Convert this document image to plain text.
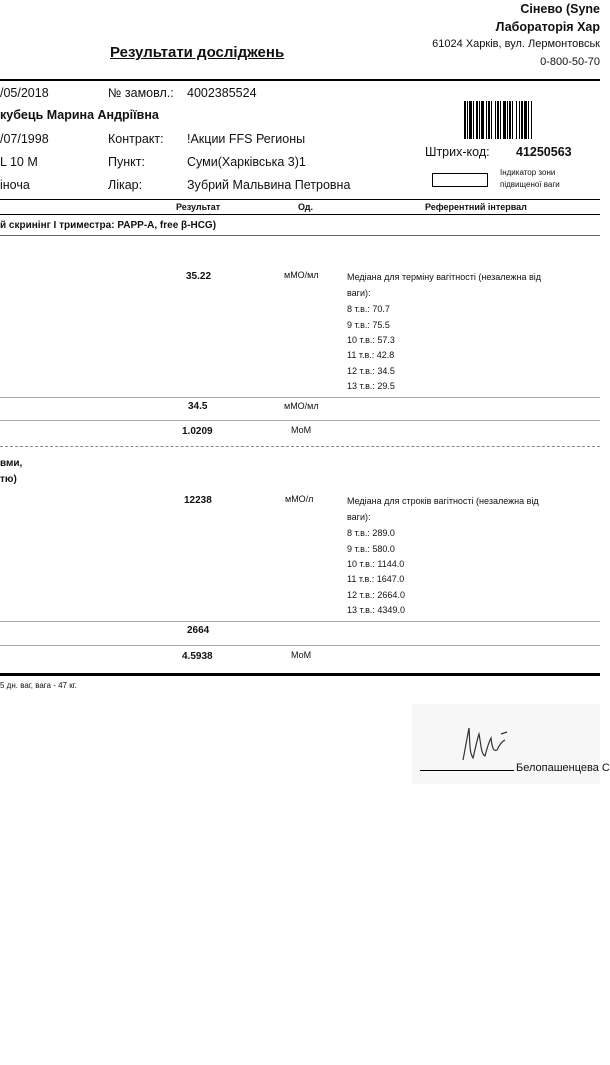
Сінево (Syne
Лабораторія Хар
61024 Харків, вул. Лермонтовськ
0-800-50-70
Результати досліджень
/05/2018	№ замовл.: 4002385524
кубець Марина Андріївна
/07/1998	Контракт: !Акции FFS Регионы
L 10 M	Пункт:	Суми(Харківська 3)1
іноча	Лікар:	Зубрий Мальвина Петровна
Штрих-код: 41250563
Індикатор зони
підвищеної ваги
Результат	Од.	Референтний інтервал
й скринінг І триместра: PAPP-A, free β-HCG)
35.22	мМО/мл	Медіана для терміну вагітності (незалежна від
ваги):
8 т.в.: 70.7
9 т.в.: 75.5
10 т.в.: 57.3
11 т.в.: 42.8
12 т.в.: 34.5
13 т.в.: 29.5
34.5	мМО/мл
1.0209	МоМ
вми,
тю)
12238	мМО/л	Медіана для строків вагітності (незалежна від
ваги):
8 т.в.: 289.0
9 т.в.: 580.0
10 т.в.: 1144.0
11 т.в.: 1647.0
12 т.в.: 2664.0
13 т.в.: 4349.0
2664
4.5938	МоМ
5 дн. ваг, вага - 47 кг.
Белопашенцева С
